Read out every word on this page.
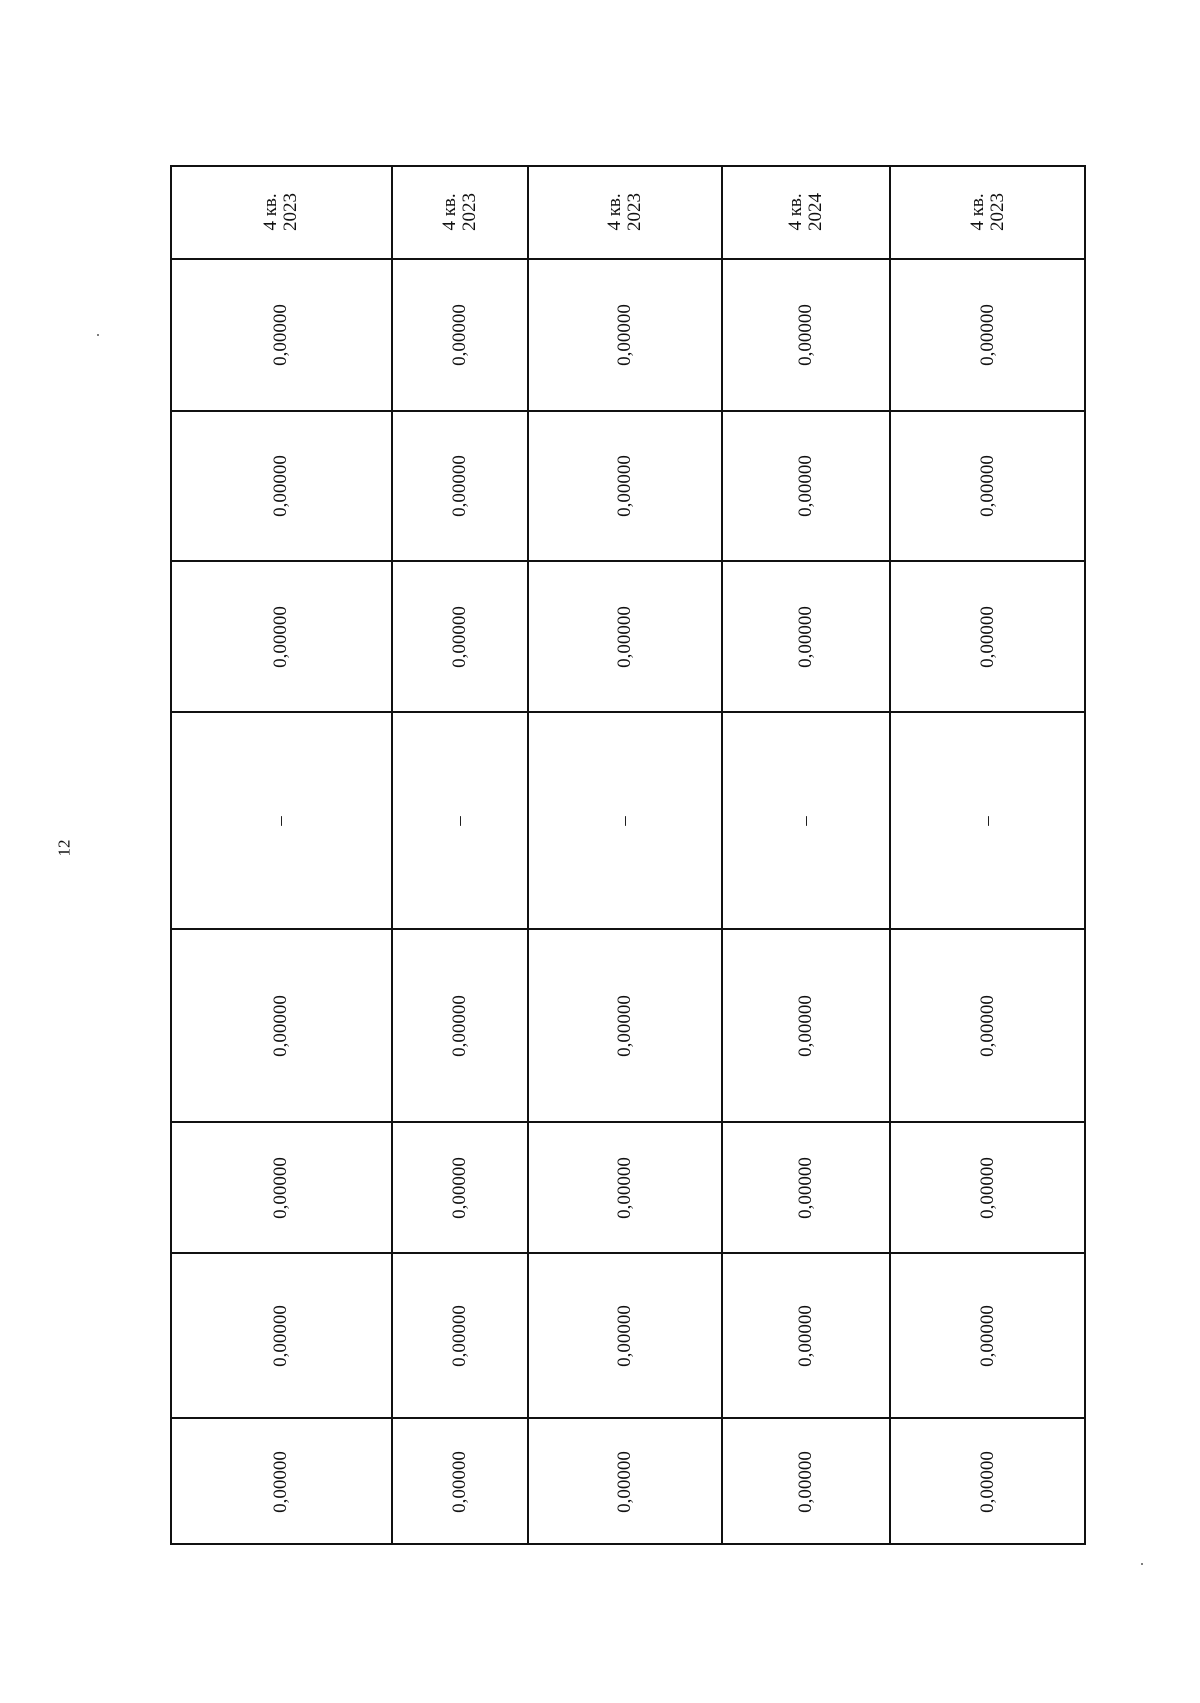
12
4 кв.
2023
0,00000
0,00000
0,00000
–
0,00000
0,00000
0,00000
0,00000
4 кв.
2023
0,00000
0,00000
0,00000
–
0,00000
0,00000
0,00000
0,00000
4 кв.
2023
0,00000
0,00000
0,00000
–
0,00000
0,00000
0,00000
0,00000
4 кв.
2024
0,00000
0,00000
0,00000
–
0,00000
0,00000
0,00000
0,00000
4 кв.
2023
0,00000
0,00000
0,00000
–
0,00000
0,00000
0,00000
0,00000
